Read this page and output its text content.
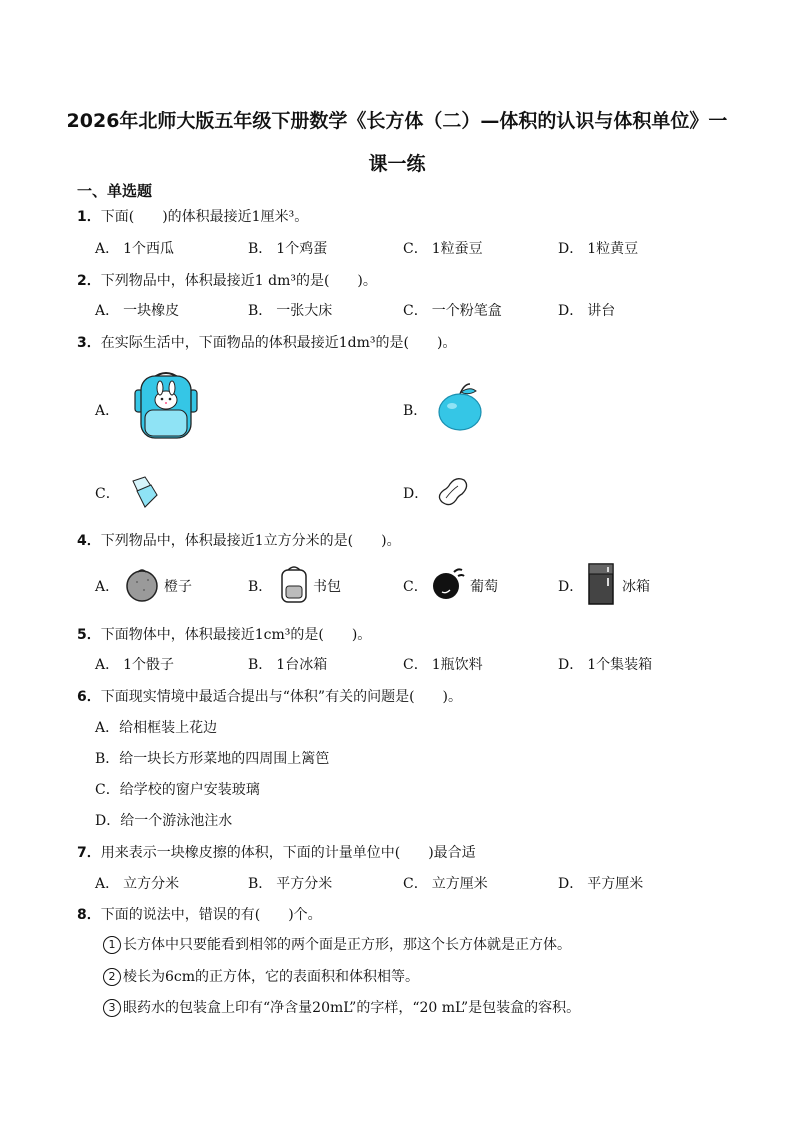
2026年北师大版五年级下册数学《长方体（二）—体积的认识与体积单位》一
课一练
一、单选题
1．下面(　　)的体积最接近1厘米³。
A． 1个西瓜	B． 1个鸡蛋	C． 1粒蚕豆	D． 1粒黄豆
2．下列物品中，体积最接近1 dm³的是(　　)。
A． 一块橡皮	B． 一张大床	C． 一个粉笔盒	D． 讲台
3．在实际生活中，下面物品的体积最接近1dm³的是(　　)。
A．	B．
C．	D．
4．下列物品中，体积最接近1立方分米的是(　　)。
A．	橙子	B．	书包	C．	葡萄	D．	冰箱
5．下面物体中，体积最接近1cm³的是(　　)。
A． 1个骰子	B． 1台冰箱	C． 1瓶饮料	D． 1个集装箱
6．下面现实情境中最适合提出与“体积”有关的问题是(　　)。
A．给相框装上花边
B．给一块长方形菜地的四周围上篱笆
C．给学校的窗户安装玻璃
D．给一个游泳池注水
7．用来表示一块橡皮擦的体积，下面的计量单位中(　　)最合适
A． 立方分米	B． 平方分米	C． 立方厘米	D． 平方厘米
8．下面的说法中，错误的有(　　)个。
1 长方体中只要能看到相邻的两个面是正方形，那这个长方体就是正方体。
2 棱长为6cm的正方体，它的表面积和体积相等。
3 眼药水的包装盒上印有“净含量20mL”的字样，“20 mL”是包装盒的容积。
